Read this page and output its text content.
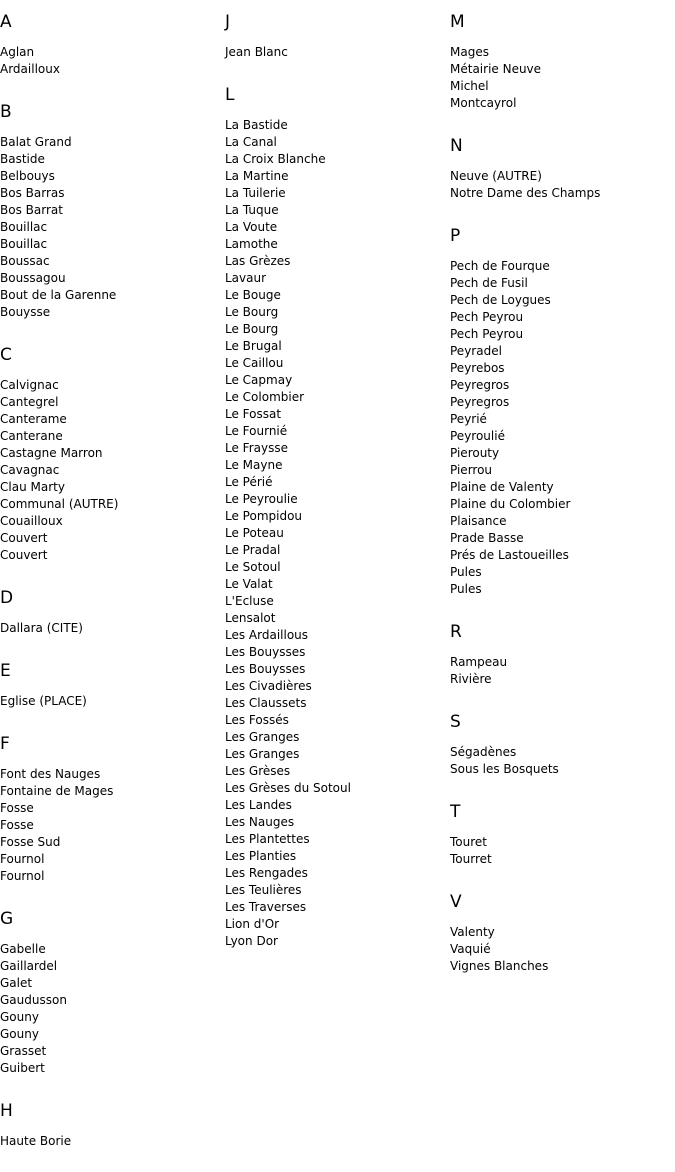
A
Aglan
Ardailloux
B
Balat Grand
Bastide
Belbouys
Bos Barras
Bos Barrat
Bouillac
Bouillac
Boussac
Boussagou
Bout de la Garenne
Bouysse
C
Calvignac
Cantegrel
Canterame
Canterane
Castagne Marron
Cavagnac
Clau Marty
Communal (AUTRE)
Couailloux
Couvert
Couvert
D
Dallara (CITE)
E
Eglise (PLACE)
F
Font des Nauges
Fontaine de Mages
Fosse
Fosse
Fosse Sud
Fournol
Fournol
G
Gabelle
Gaillardel
Galet
Gaudusson
Gouny
Gouny
Grasset
Guibert
H
Haute Borie
J
Jean Blanc
L
La Bastide
La Canal
La Croix Blanche
La Martine
La Tuilerie
La Tuque
La Voute
Lamothe
Las Grèzes
Lavaur
Le Bouge
Le Bourg
Le Bourg
Le Brugal
Le Caillou
Le Capmay
Le Colombier
Le Fossat
Le Fournié
Le Fraysse
Le Mayne
Le Périé
Le Peyroulie
Le Pompidou
Le Poteau
Le Pradal
Le Sotoul
Le Valat
L'Ecluse
Lensalot
Les Ardaillous
Les Bouysses
Les Bouysses
Les Civadières
Les Claussets
Les Fossés
Les Granges
Les Granges
Les Grèses
Les Grèses du Sotoul
Les Landes
Les Nauges
Les Plantettes
Les Planties
Les Rengades
Les Teulières
Les Traverses
Lion d'Or
Lyon Dor
M
Mages
Métairie Neuve
Michel
Montcayrol
N
Neuve (AUTRE)
Notre Dame des Champs
P
Pech de Fourque
Pech de Fusil
Pech de Loygues
Pech Peyrou
Pech Peyrou
Peyradel
Peyrebos
Peyregros
Peyregros
Peyrié
Peyroulié
Pierouty
Pierrou
Plaine de Valenty
Plaine du Colombier
Plaisance
Prade Basse
Prés de Lastoueilles
Pules
Pules
R
Rampeau
Rivière
S
Ségadènes
Sous les Bosquets
T
Touret
Tourret
V
Valenty
Vaquié
Vignes Blanches
